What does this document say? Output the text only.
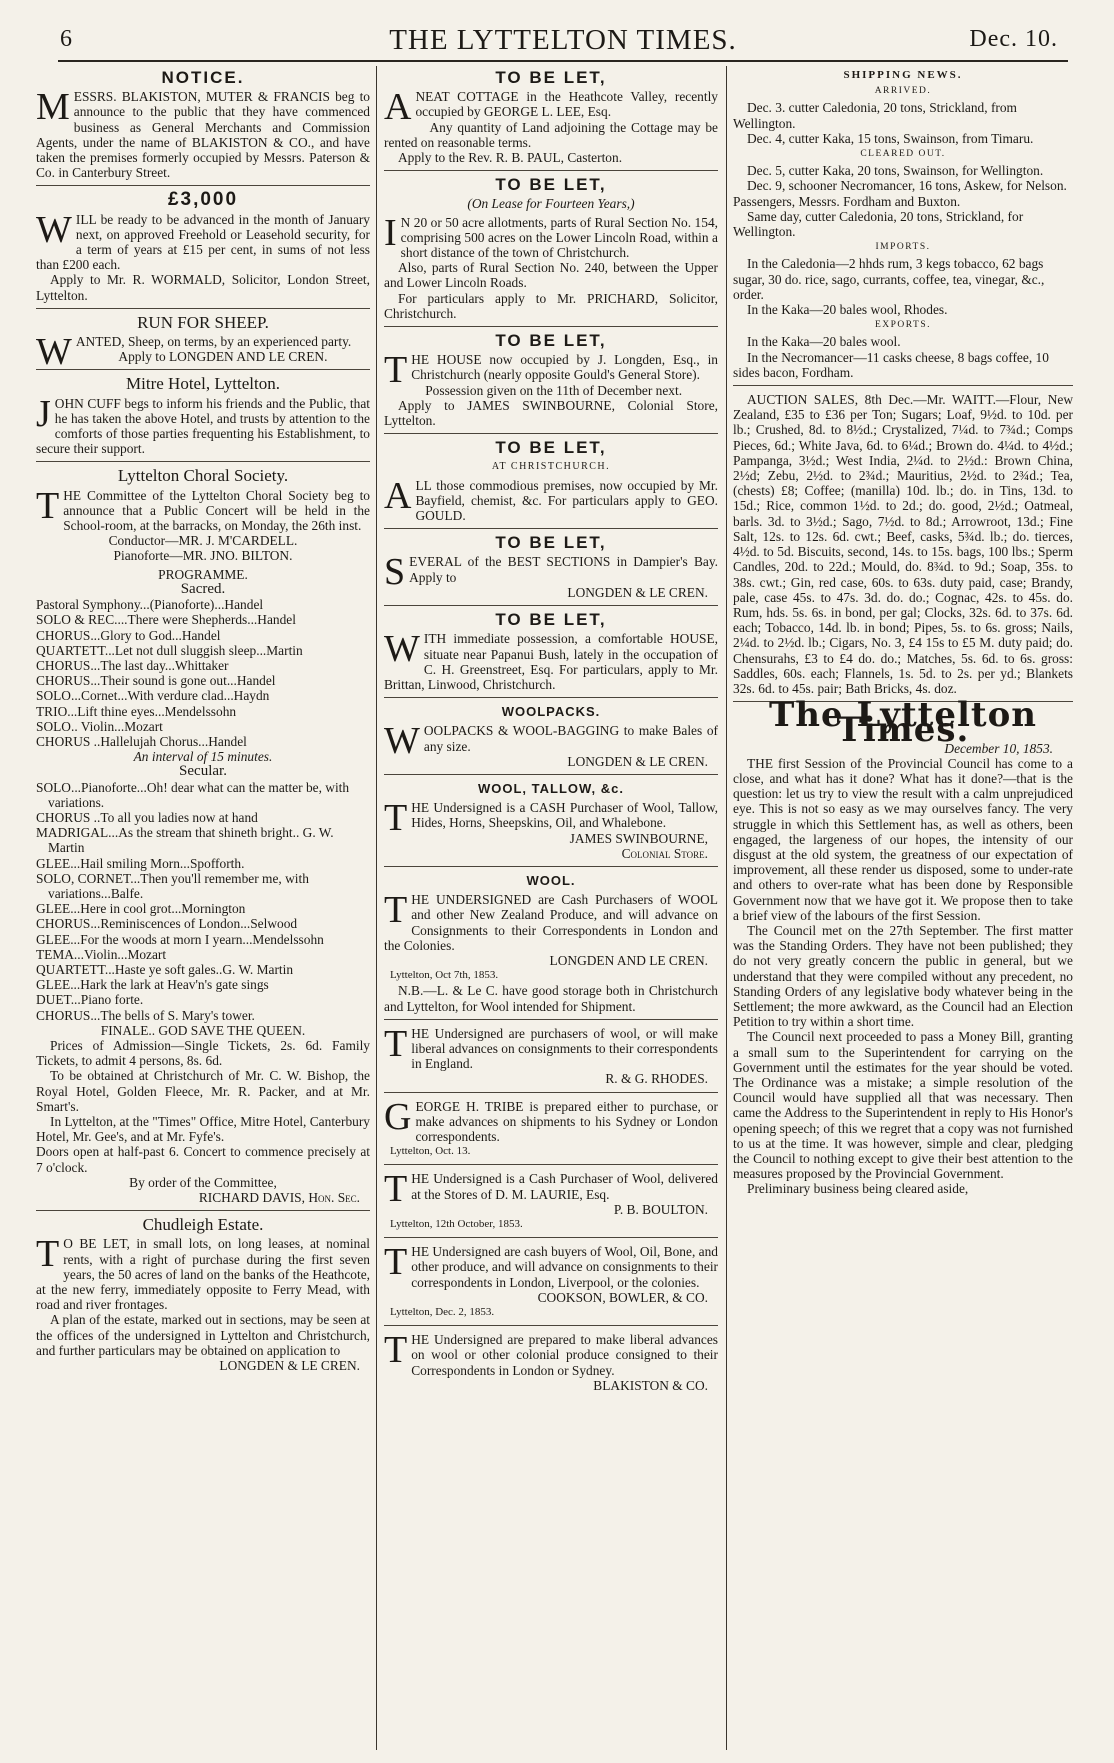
6	THE LYTTELTON TIMES.	Dec. 10.
NOTICE.

MESSRS. BLAKISTON, MUTER & FRANCIS beg to announce to the public that they have commenced business as General Merchants and Commission Agents, under the name of BLAKISTON & CO., and have taken the premises formerly occupied by Messrs. Paterson & Co. in Canterbury Street.

£3,000

WILL be ready to be advanced in the month of January next, on approved Freehold or Leasehold security, for a term of years at £15 per cent, in sums of not less than £200 each.

Apply to Mr. R. WORMALD, Solicitor, London Street, Lyttelton.

RUN FOR SHEEP.

WANTED, Sheep, on terms, by an experienced party.

Apply to LONGDEN AND LE CREN.

Mitre Hotel, Lyttelton.

JOHN CUFF begs to inform his friends and the Public, that he has taken the above Hotel, and trusts by attention to the comforts of those parties frequenting his Establishment, to secure their support.

Lyttelton Choral Society.

THE Committee of the Lyttelton Choral Society beg to announce that a Public Concert will be held in the School-room, at the barracks, on Monday, the 26th inst.

Conductor—MR. J. M'CARDELL.

Pianoforte—MR. JNO. BILTON.

PROGRAMME.

Sacred.
Pastoral Symphony...(Pianoforte)...Handel
SOLO & REC....There were Shepherds...Handel
CHORUS...Glory to God...Handel
QUARTETT...Let not dull sluggish sleep...Martin
CHORUS...The last day...Whittaker
CHORUS...Their sound is gone out...Handel
SOLO...Cornet...With verdure clad...Haydn
TRIO...Lift thine eyes...Mendelssohn
SOLO.. Violin...Mozart
CHORUS ..Hallelujah Chorus...Handel
An interval of 15 minutes.
Secular.
SOLO...Pianoforte...Oh! dear what can the matter be, with variations.
CHORUS ..To all you ladies now at hand
MADRIGAL...As the stream that shineth bright.. G. W. Martin
GLEE...Hail smiling Morn...Spofforth.
SOLO, CORNET...Then you'll remember me, with variations...Balfe.
GLEE...Here in cool grot...Mornington
CHORUS...Reminiscences of London...Selwood
GLEE...For the woods at morn I yearn...Mendelssohn
TEMA...Violin...Mozart
QUARTETT...Haste ye soft gales..G. W. Martin
GLEE...Hark the lark at Heav'n's gate sings
DUET...Piano forte.
CHORUS...The bells of S. Mary's tower.

FINALE.. GOD SAVE THE QUEEN.

Prices of Admission—Single Tickets, 2s. 6d. Family Tickets, to admit 4 persons, 8s. 6d.

To be obtained at Christchurch of Mr. C. W. Bishop, the Royal Hotel, Golden Fleece, Mr. R. Packer, and at Mr. Smart's.

In Lyttelton, at the "Times" Office, Mitre Hotel, Canterbury Hotel, Mr. Gee's, and at Mr. Fyfe's.

Doors open at half-past 6. Concert to commence precisely at 7 o'clock.

By order of the Committee,

RICHARD DAVIS, Hon. Sec.

Chudleigh Estate.

TO BE LET, in small lots, on long leases, at nominal rents, with a right of purchase during the first seven years, the 50 acres of land on the banks of the Heathcote, at the new ferry, immediately opposite to Ferry Mead, with road and river frontages.

A plan of the estate, marked out in sections, may be seen at the offices of the undersigned in Lyttelton and Christchurch, and further particulars may be obtained on application to

LONGDEN & LE CREN.

TO BE LET,

ANEAT COTTAGE in the Heathcote Valley, recently occupied by GEORGE L. LEE, Esq.

Any quantity of Land adjoining the Cottage may be rented on reasonable terms.

Apply to the Rev. R. B. PAUL, Casterton.

TO BE LET,
(On Lease for Fourteen Years,)

IN 20 or 50 acre allotments, parts of Rural Section No. 154, comprising 500 acres on the Lower Lincoln Road, within a short distance of the town of Christchurch.

Also, parts of Rural Section No. 240, between the Upper and Lower Lincoln Roads.

For particulars apply to Mr. PRICHARD, Solicitor, Christchurch.

TO BE LET,

THE HOUSE now occupied by J. Longden, Esq., in Christchurch (nearly opposite Gould's General Store).

Possession given on the 11th of December next.

Apply to JAMES SWINBOURNE, Colonial Store, Lyttelton.

TO BE LET,
AT CHRISTCHURCH.

ALL those commodious premises, now occupied by Mr. Bayfield, chemist, &c. For particulars apply to GEO. GOULD.

TO BE LET,

SEVERAL of the BEST SECTIONS in Dampier's Bay. Apply to

LONGDEN & LE CREN.

TO BE LET,

WITH immediate possession, a comfortable HOUSE, situate near Papanui Bush, lately in the occupation of C. H. Greenstreet, Esq. For particulars, apply to Mr. Brittan, Linwood, Christchurch.

WOOLPACKS.

WOOLPACKS & WOOL-BAGGING to make Bales of any size.

LONGDEN & LE CREN.

WOOL, TALLOW, &c.

THE Undersigned is a CASH Purchaser of Wool, Tallow, Hides, Horns, Sheepskins, Oil, and Whalebone.

JAMES SWINBOURNE,

Colonial Store.

WOOL.

THE UNDERSIGNED are Cash Purchasers of WOOL and other New Zealand Produce, and will advance on Consignments to their Correspondents in London and the Colonies.

LONGDEN AND LE CREN.

Lyttelton, Oct 7th, 1853.

N.B.—L. & Le C. have good storage both in Christchurch and Lyttelton, for Wool intended for Shipment.

THE Undersigned are purchasers of wool, or will make liberal advances on consignments to their correspondents in England.

R. & G. RHODES.

GEORGE H. TRIBE is prepared either to purchase, or make advances on shipments to his Sydney or London correspondents.

Lyttelton, Oct. 13.

THE Undersigned is a Cash Purchaser of Wool, delivered at the Stores of D. M. LAURIE, Esq.

P. B. BOULTON.

Lyttelton, 12th October, 1853.

THE Undersigned are cash buyers of Wool, Oil, Bone, and other produce, and will advance on consignments to their correspondents in London, Liverpool, or the colonies.

COOKSON, BOWLER, & CO.

Lyttelton, Dec. 2, 1853.

THE Undersigned are prepared to make liberal advances on wool or other colonial produce consigned to their Correspondents in London or Sydney.

BLAKISTON & CO.

SHIPPING NEWS.
ARRIVED.
Dec. 3. cutter Caledonia, 20 tons, Strickland, from Wellington.
Dec. 4, cutter Kaka, 15 tons, Swainson, from Timaru.
CLEARED OUT.
Dec. 5, cutter Kaka, 20 tons, Swainson, for Wellington.
Dec. 9, schooner Necromancer, 16 tons, Askew, for Nelson. Passengers, Messrs. Fordham and Buxton.
Same day, cutter Caledonia, 20 tons, Strickland, for Wellington.
IMPORTS.
In the Caledonia—2 hhds rum, 3 kegs tobacco, 62 bags sugar, 30 do. rice, sago, currants, coffee, tea, vinegar, &c., order.
In the Kaka—20 bales wool, Rhodes.
EXPORTS.
In the Kaka—20 bales wool.
In the Necromancer—11 casks cheese, 8 bags coffee, 10 sides bacon, Fordham.

AUCTION SALES, 8th Dec.—Mr. WAITT.—Flour, New Zealand, £35 to £36 per Ton; Sugars; Loaf, 9½d. to 10d. per lb.; Crushed, 8d. to 8½d.; Crystalized, 7¼d. to 7¾d.; Comps Pieces, 6d.; White Java, 6d. to 6¼d.; Brown do. 4¼d. to 4½d.; Pampanga, 3½d.; West India, 2¼d. to 2½d.: Brown China, 2½d; Zebu, 2½d. to 2¾d.; Mauritius, 2½d. to 2¾d.; Tea, (chests) £8; Coffee; (manilla) 10d. lb.; do. in Tins, 13d. to 15d.; Rice, common 1½d. to 2d.; do. good, 2½d.; Oatmeal, barls. 3d. to 3½d.; Sago, 7½d. to 8d.; Arrowroot, 13d.; Fine Salt, 12s. to 12s. 6d. cwt.; Beef, casks, 5¾d. lb.; do. tierces, 4½d. to 5d. Biscuits, second, 14s. to 15s. bags, 100 lbs.; Sperm Candles, 20d. to 22d.; Mould, do. 8¾d. to 9d.; Soap, 35s. to 38s. cwt.; Gin, red case, 60s. to 63s. duty paid, case; Brandy, pale, case 45s. to 47s. 3d. do. do.; Cognac, 42s. to 45s. do. Rum, hds. 5s. 6s. in bond, per gal; Clocks, 32s. 6d. to 37s. 6d. each; Tobacco, 14d. lb. in bond; Pipes, 5s. to 6s. gross; Nails, 2¼d. to 2½d. lb.; Cigars, No. 3, £4 15s to £5 M. duty paid; do. Chensurahs, £3 to £4 do. do.; Matches, 5s. 6d. to 6s. gross: Saddles, 60s. each; Flannels, 1s. 5d. to 2s. per yd.; Blankets 32s. 6d. to 45s. pair; Bath Bricks, 4s. doz.

The Lyttelton Times.
December 10, 1853.

THE first Session of the Provincial Council has come to a close, and what has it done? What has it done?—that is the question: let us try to view the result with a calm unprejudiced eye. This is not so easy as we may ourselves fancy. The very struggle in which this Settlement has, as well as others, been engaged, the largeness of our hopes, the intensity of our disgust at the old system, the greatness of our expectation of improvement, all these render us disposed, some to under-rate and others to over-rate what has been done by Responsible Government now that we have got it. We propose then to take a brief view of the labours of the first Session.

The Council met on the 27th September. The first matter was the Standing Orders. They have not been published; they do not very greatly concern the public in general, but we understand that they were compiled without any precedent, no Standing Orders of any legislative body whatever being in the Settlement; the more awkward, as the Council had an Election Petition to try within a short time.

The Council next proceeded to pass a Money Bill, granting a small sum to the Superintendent for carrying on the Government until the estimates for the year should be voted. The Ordinance was a mistake; a simple resolution of the Council would have supplied all that was necessary. Then came the Address to the Superintendent in reply to His Honor's opening speech; of this we regret that a copy was not furnished to us at the time. It was however, simple and clear, pledging the Council to nothing except to give their best attention to the measures proposed by the Provincial Government.

Preliminary business being cleared aside,
